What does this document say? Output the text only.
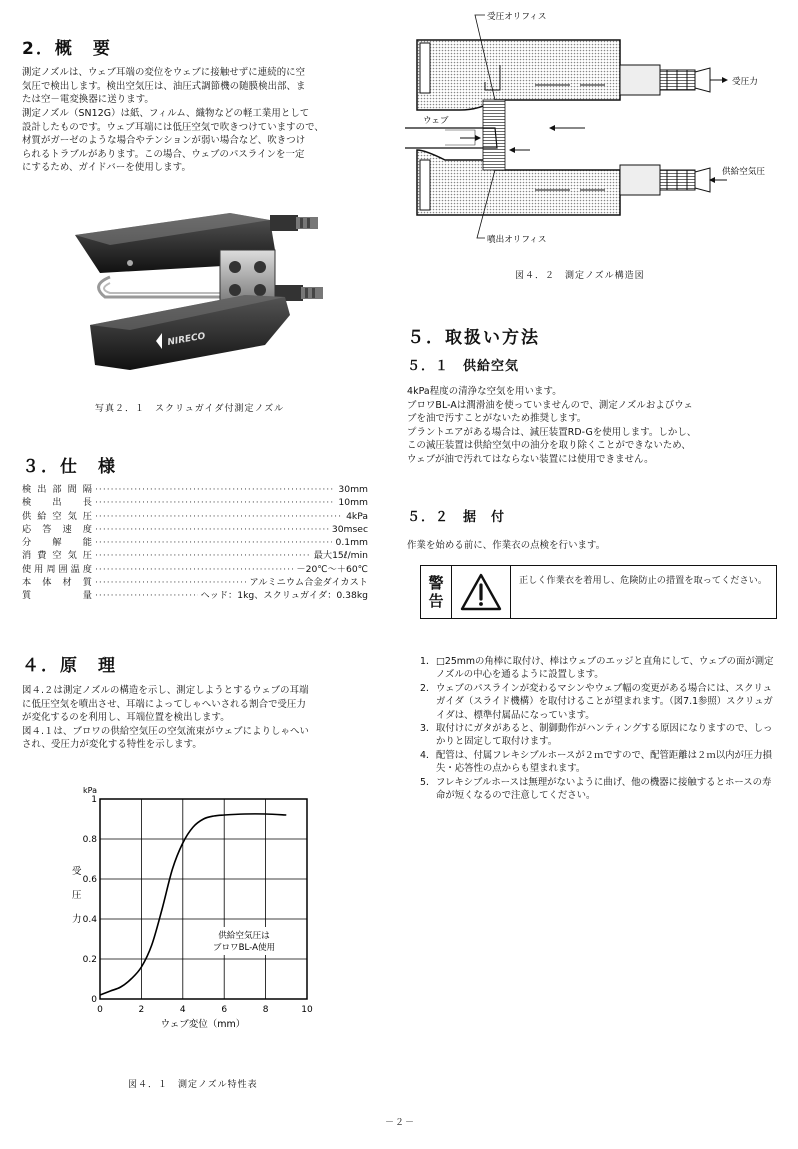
2．概　要
測定ノズルは、ウェブ耳端の変位をウェブに接触せずに連続的に空
気圧で検出します。検出空気圧は、油圧式調節機の随膜検出部、ま
たは空－電変換器に送ります。
測定ノズル（SN12G）は紙、フィルム、織物などの軽工業用として
設計したものです。ウェブ耳端には低圧空気で吹きつけていますので、
材質がガーゼのような場合やテンションが弱い場合など、吹きつけ
られるトラブルがあります。この場合、ウェブのパスラインを一定
にするため、ガイドバーを使用します。
NIRECO
写真２．１　スクリュガイダ付測定ノズル
３．仕　様
検出部間隔 ·····	30mm
検出長 ·····	10mm
供給空気圧 ·····	4kPa
応答速度 ·····	30msec
分解能 ·····	0.1mm
消費空気圧 ·····	最大15ℓ/min
使用周囲温度 ·····	－20℃～＋60℃
本体材質 ·····	アルミニウム合金ダイカスト
質量 ·····	ヘッド：1kg、スクリュガイダ：0.38kg
４．原　理
図４.２は測定ノズルの構造を示し、測定しようとするウェブの耳端
に低圧空気を噴出させ、耳端によってしゃへいされる割合で受圧力
が変化するのを利用し、耳端位置を検出します。
図４.１は、ブロワの供給空気圧の空気流束がウェブによりしゃへい
され、受圧力が変化する特性を示します。
0
0.2
0.4
0.6
0.8
1
0	2	4	6	8	10
kPa
受圧力
ウェブ変位（mm）
供給空気圧は
ブロワBL-A使用
図４．１　測定ノズル特性表
受圧オリフィス
噴出オリフィス
ウェブ
受圧力
供給空気圧
図４．２　測定ノズル構造図
５．取扱い方法
５．１　供給空気
4kPa程度の清浄な空気を用います。
ブロワBL-Aは潤滑油を使っていませんので、測定ノズルおよびウェ
ブを油で汚すことがないため推奨します。
プラントエアがある場合は、減圧装置RD-Gを使用します。しかし、
この減圧装置は供給空気中の油分を取り除くことができないため、
ウェブが油で汚れてはならない装置には使用できません。
５．２　据　付
作業を始める前に、作業衣の点検を行います。
警
告
正しく作業衣を着用し、危険防止の措置を取ってください。
1． □25mmの角棒に取付け、棒はウェブのエッジと直角にして、ウェブの面が測定ノズルの中心を通るように設置します。
2． ウェブのパスラインが変わるマシンやウェブ幅の変更がある場合には、スクリュガイダ（スライド機構）を取付けることが望まれます。（図7.1参照）スクリュガイダは、標準付属品になっています。
3． 取付けにガタがあると、制御動作がハンティングする原因になりますので、しっかりと固定して取付けます。
4． 配管は、付属フレキシブルホースが２ｍですので、配管距離は２ｍ以内が圧力損失・応答性の点からも望まれます。
5． フレキシブルホースは無理がないように曲げ、他の機器に接触するとホースの寿命が短くなるので注意してください。
－２－
